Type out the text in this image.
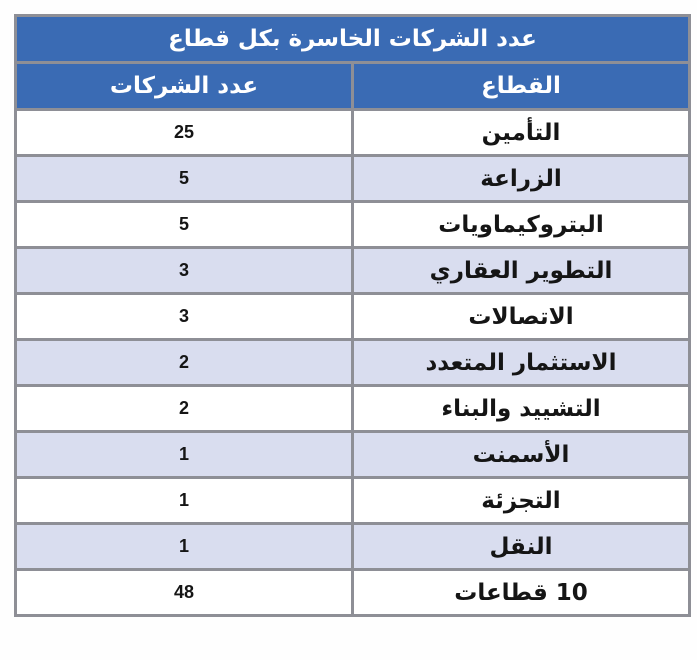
عدد الشركات الخاسرة بكل قطاع	
عدد الشركات	القطاع
25	التأمين
5	الزراعة
5	البتروكيماويات
3	التطوير العقاري
3	الاتصالات
2	الاستثمار المتعدد
2	التشييد والبناء
1	الأسمنت
1	التجزئة
1	النقل
48	10 قطاعات
